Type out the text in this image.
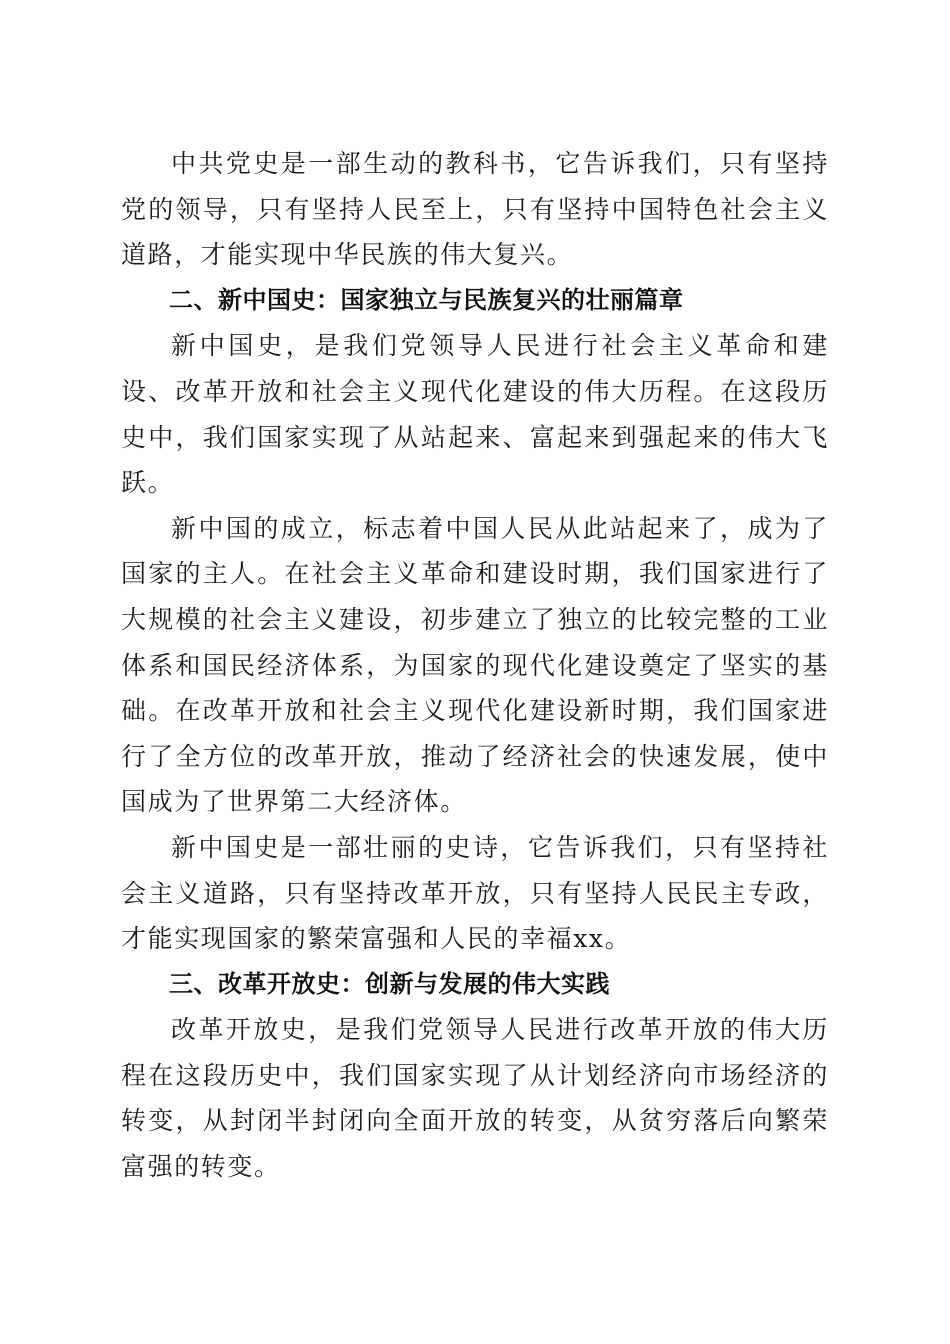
中共党史是一部生动的教科书，它告诉我们，只有坚持党的领导，只有坚持人民至上，只有坚持中国特色社会主义道路，才能实现中华民族的伟大复兴。

二、新中国史：国家独立与民族复兴的壮丽篇章

新中国史，是我们党领导人民进行社会主义革命和建设、改革开放和社会主义现代化建设的伟大历程。在这段历史中，我们国家实现了从站起来、富起来到强起来的伟大飞跃。

新中国的成立，标志着中国人民从此站起来了，成为了国家的主人。在社会主义革命和建设时期，我们国家进行了大规模的社会主义建设，初步建立了独立的比较完整的工业体系和国民经济体系，为国家的现代化建设奠定了坚实的基础。在改革开放和社会主义现代化建设新时期，我们国家进行了全方位的改革开放，推动了经济社会的快速发展，使中国成为了世界第二大经济体。

新中国史是一部壮丽的史诗，它告诉我们，只有坚持社会主义道路，只有坚持改革开放，只有坚持人民民主专政，才能实现国家的繁荣富强和人民的幸福xx。

三、改革开放史：创新与发展的伟大实践

改革开放史，是我们党领导人民进行改革开放的伟大历程在这段历史中，我们国家实现了从计划经济向市场经济的转变，从封闭半封闭向全面开放的转变，从贫穷落后向繁荣富强的转变。
